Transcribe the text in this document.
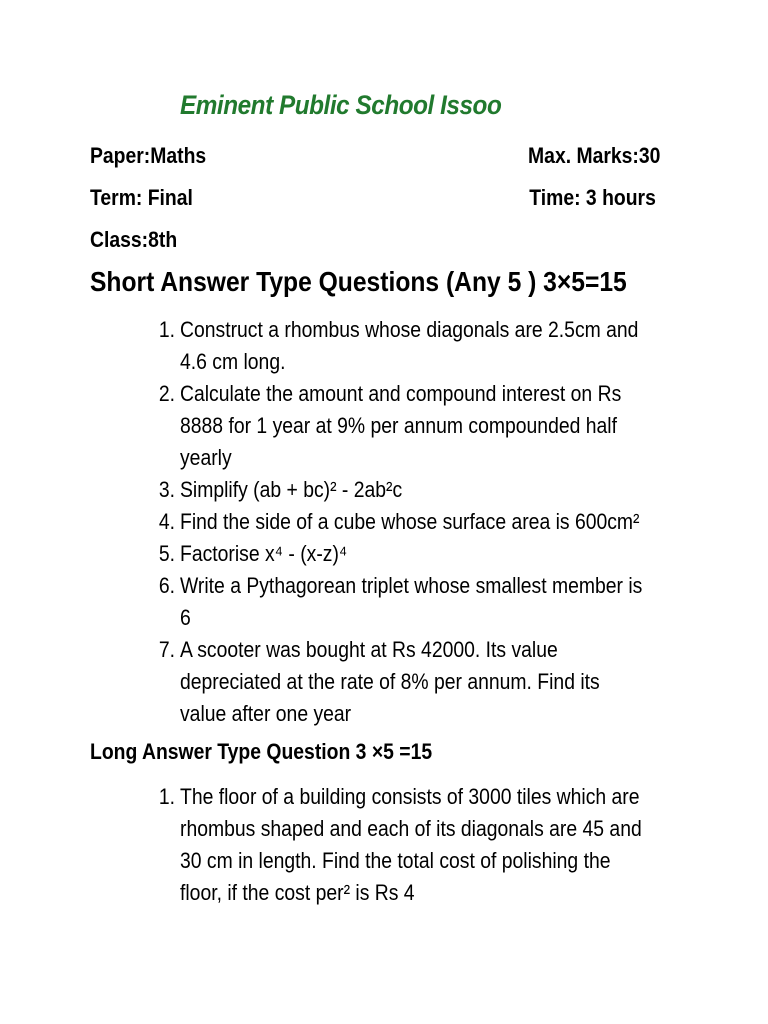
Eminent Public School Issoo
Paper:Maths	Max. Marks:30
Term: Final	Time: 3 hours
Class:8th
Short Answer Type Questions (Any 5 ) 3×5=15
1. Construct a rhombus whose diagonals are 2.5cm and
4.6 cm long.
2. Calculate the amount and compound interest on Rs
8888 for 1 year at 9% per annum compounded half
yearly
3. Simplify (ab + bc)² - 2ab²c
4. Find the side of a cube whose surface area is 600cm²
5. Factorise x⁴ - (x-z)⁴
6. Write a Pythagorean triplet whose smallest member is
6
7. A scooter was bought at Rs 42000. Its value
depreciated at the rate of 8% per annum. Find its
value after one year
Long Answer Type Question 3 ×5 =15
1. The floor of a building consists of 3000 tiles which are
rhombus shaped and each of its diagonals are 45 and
30 cm in length. Find the total cost of polishing the
floor, if the cost per² is Rs 4
